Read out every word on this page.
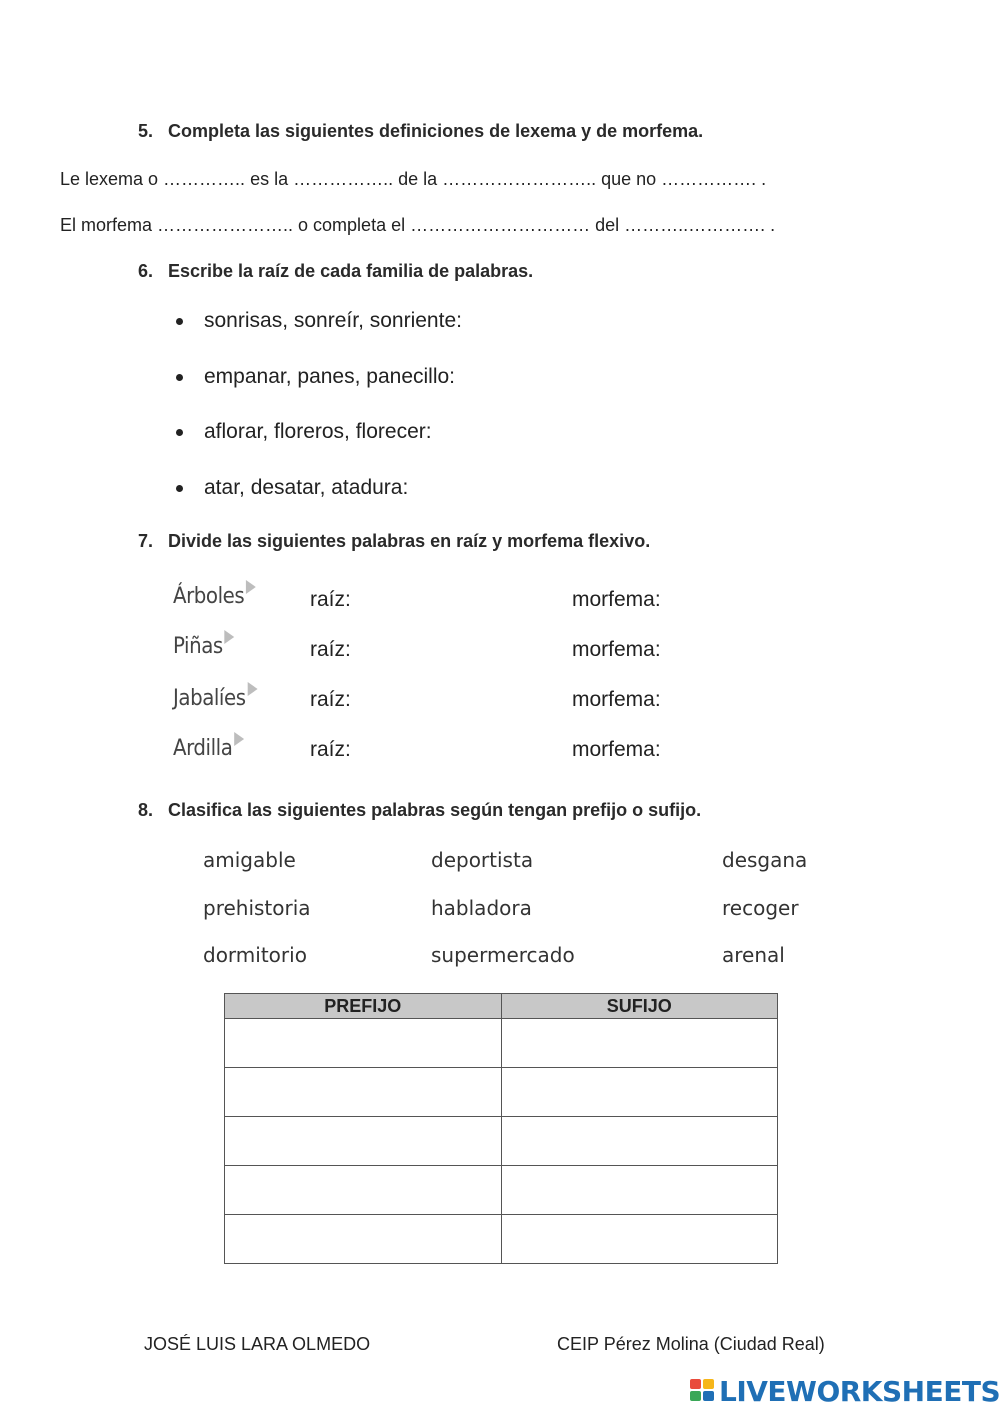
5. Completa las siguientes definiciones de lexema y de morfema.
Le lexema o ………….. es la …………….. de la …………………….. que no ……………. .
El morfema ………………….. o completa el ………………………… del ………..…………. .
6. Escribe la raíz de cada familia de palabras.
sonrisas, sonreír, sonriente:
empanar, panes, panecillo:
aflorar, floreros, florecer:
atar, desatar, atadura:
7. Divide las siguientes palabras en raíz y morfema flexivo.
Árboles	raíz:	morfema:
Piñas	raíz:	morfema:
Jabalíes	raíz:	morfema:
Ardilla	raíz:	morfema:
8. Clasifica las siguientes palabras según tengan prefijo o sufijo.
amigable	deportista	desgana
prehistoria	habladora	recoger
dormitorio	supermercado	arenal
PREFIJO	SUFIJO

JOSÉ LUIS LARA OLMEDO	CEIP Pérez Molina (Ciudad Real)
LIVEWORKSHEETS
